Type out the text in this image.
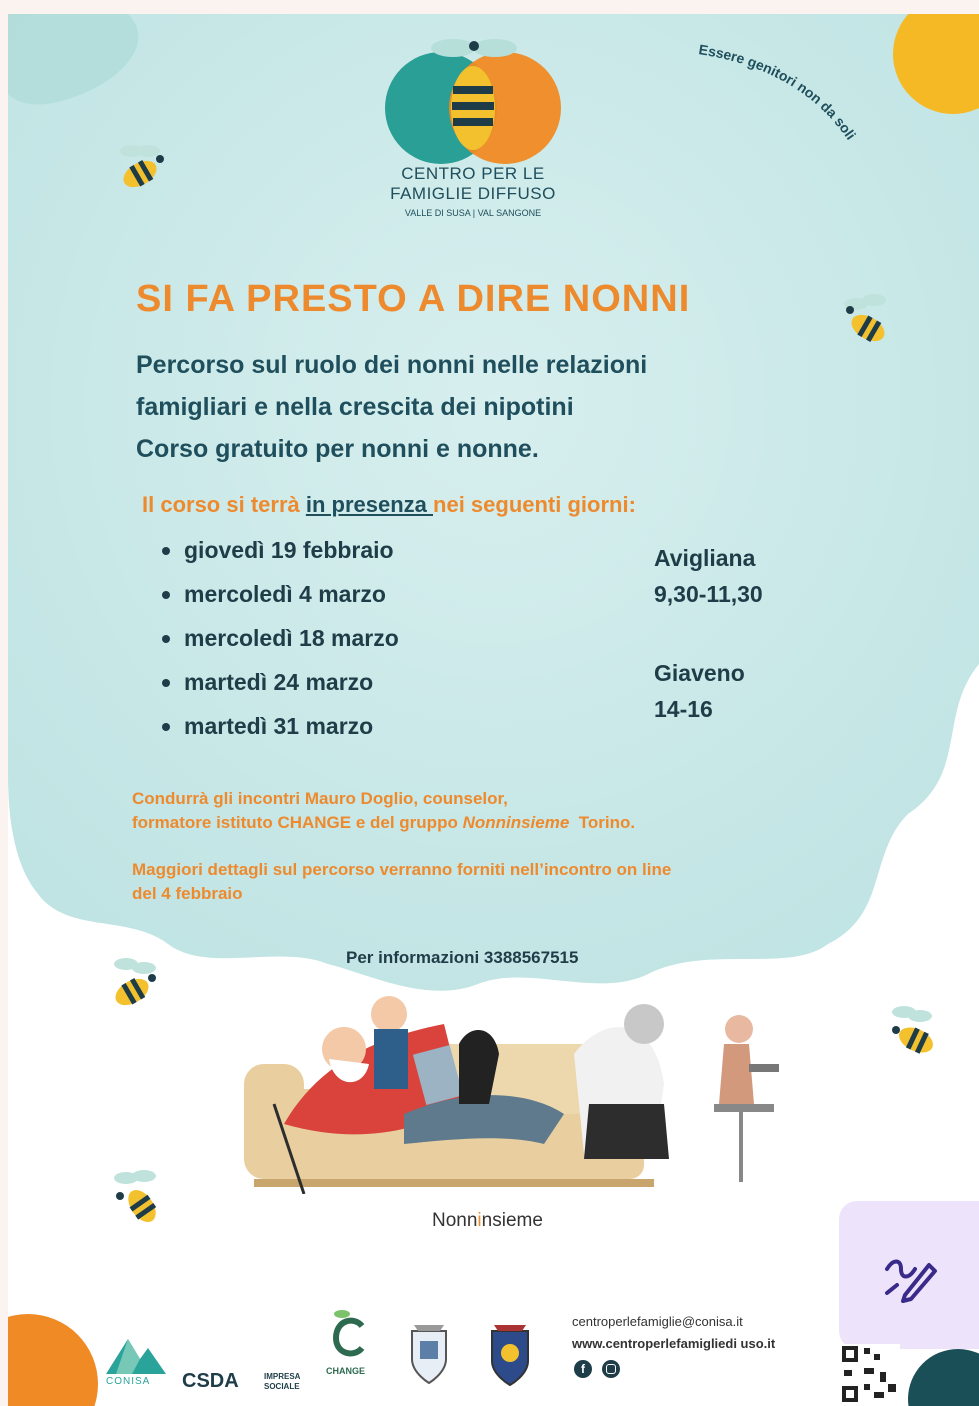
CENTRO PER LE
FAMIGLIE DIFFUSO
VALLE DI SUSA | VAL SANGONE
Essere genitori non da soli
SI FA PRESTO A DIRE NONNI
Percorso sul ruolo dei nonni nelle relazioni
famigliari e nella crescita dei nipotini
Corso gratuito per nonni e nonne.
Il corso si terrà in presenza nei seguenti giorni:
giovedì 19 febbraio
mercoledì 4 marzo
mercoledì 18 marzo
martedì 24 marzo
martedì 31 marzo
Avigliana
9,30-11,30
Giaveno
14-16
Condurrà gli incontri Mauro Doglio, counselor,
formatore istituto CHANGE e del gruppo Nonninsieme  Torino.
Maggiori dettagli sul percorso verranno forniti nell’incontro on line
del 4 febbraio
Per informazioni 3388567515
Nonninsieme
CONISA CSDA	IMPRESA
SOCIALE
CHANGE
centroperlefamiglie@conisa.it
www.centroperlefamigliedi uso.it
f
